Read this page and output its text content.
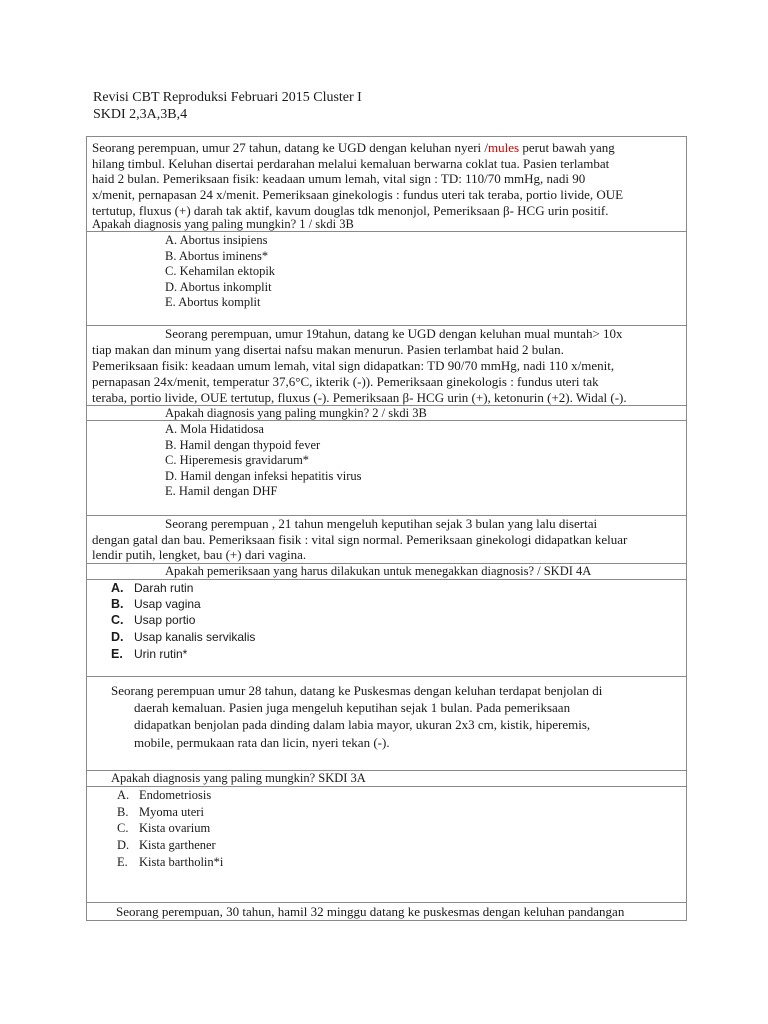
Revisi CBT Reproduksi Februari 2015 Cluster I
SKDI 2,3A,3B,4
Seorang perempuan, umur 27 tahun, datang ke UGD dengan keluhan nyeri /mules perut bawah yang
hilang timbul. Keluhan disertai perdarahan melalui kemaluan berwarna coklat tua. Pasien terlambat
haid 2 bulan. Pemeriksaan fisik: keadaan umum lemah, vital sign : TD: 110/70 mmHg, nadi 90
x/menit, pernapasan 24 x/menit. Pemeriksaan ginekologis : fundus uteri tak teraba, portio livide, OUE
tertutup, fluxus (+) darah tak aktif, kavum douglas tdk menonjol, Pemeriksaan β- HCG urin positif.
Apakah diagnosis yang paling mungkin? 1 / skdi 3B
A. Abortus insipiens
B. Abortus iminens*
C. Kehamilan ektopik
D. Abortus inkomplit
E. Abortus komplit
Seorang perempuan, umur 19tahun, datang ke UGD dengan keluhan mual muntah> 10x
tiap makan dan minum yang disertai nafsu makan menurun. Pasien terlambat haid 2 bulan.
Pemeriksaan fisik: keadaan umum lemah, vital sign didapatkan: TD 90/70 mmHg, nadi 110 x/menit,
pernapasan 24x/menit, temperatur 37,6°C, ikterik (-)). Pemeriksaan ginekologis : fundus uteri tak
teraba, portio livide, OUE tertutup, fluxus (-). Pemeriksaan β- HCG urin (+), ketonurin (+2). Widal (-).
Apakah diagnosis yang paling mungkin? 2 / skdi 3B
A. Mola Hidatidosa
B. Hamil dengan thypoid fever
C. Hiperemesis gravidarum*
D. Hamil dengan infeksi hepatitis virus
E. Hamil dengan DHF
Seorang perempuan , 21 tahun mengeluh keputihan sejak 3 bulan yang lalu disertai
dengan gatal dan bau. Pemeriksaan fisik : vital sign normal. Pemeriksaan ginekologi didapatkan keluar
lendir putih, lengket, bau (+) dari vagina.
Apakah pemeriksaan yang harus dilakukan untuk menegakkan diagnosis? / SKDI 4A
A. Darah rutin
B. Usap vagina
C. Usap portio
D. Usap kanalis servikalis
E. Urin rutin*
Seorang perempuan umur 28 tahun, datang ke Puskesmas dengan keluhan terdapat benjolan di
daerah kemaluan. Pasien juga mengeluh keputihan sejak 1 bulan. Pada pemeriksaan
didapatkan benjolan pada dinding dalam labia mayor, ukuran 2x3 cm, kistik, hiperemis,
mobile, permukaan rata dan licin, nyeri tekan (-).
Apakah diagnosis yang paling mungkin? SKDI 3A
A. Endometriosis
B. Myoma uteri
C. Kista ovarium
D. Kista garthener
E. Kista bartholin*i
Seorang perempuan, 30 tahun, hamil 32 minggu datang ke puskesmas dengan keluhan pandangan
